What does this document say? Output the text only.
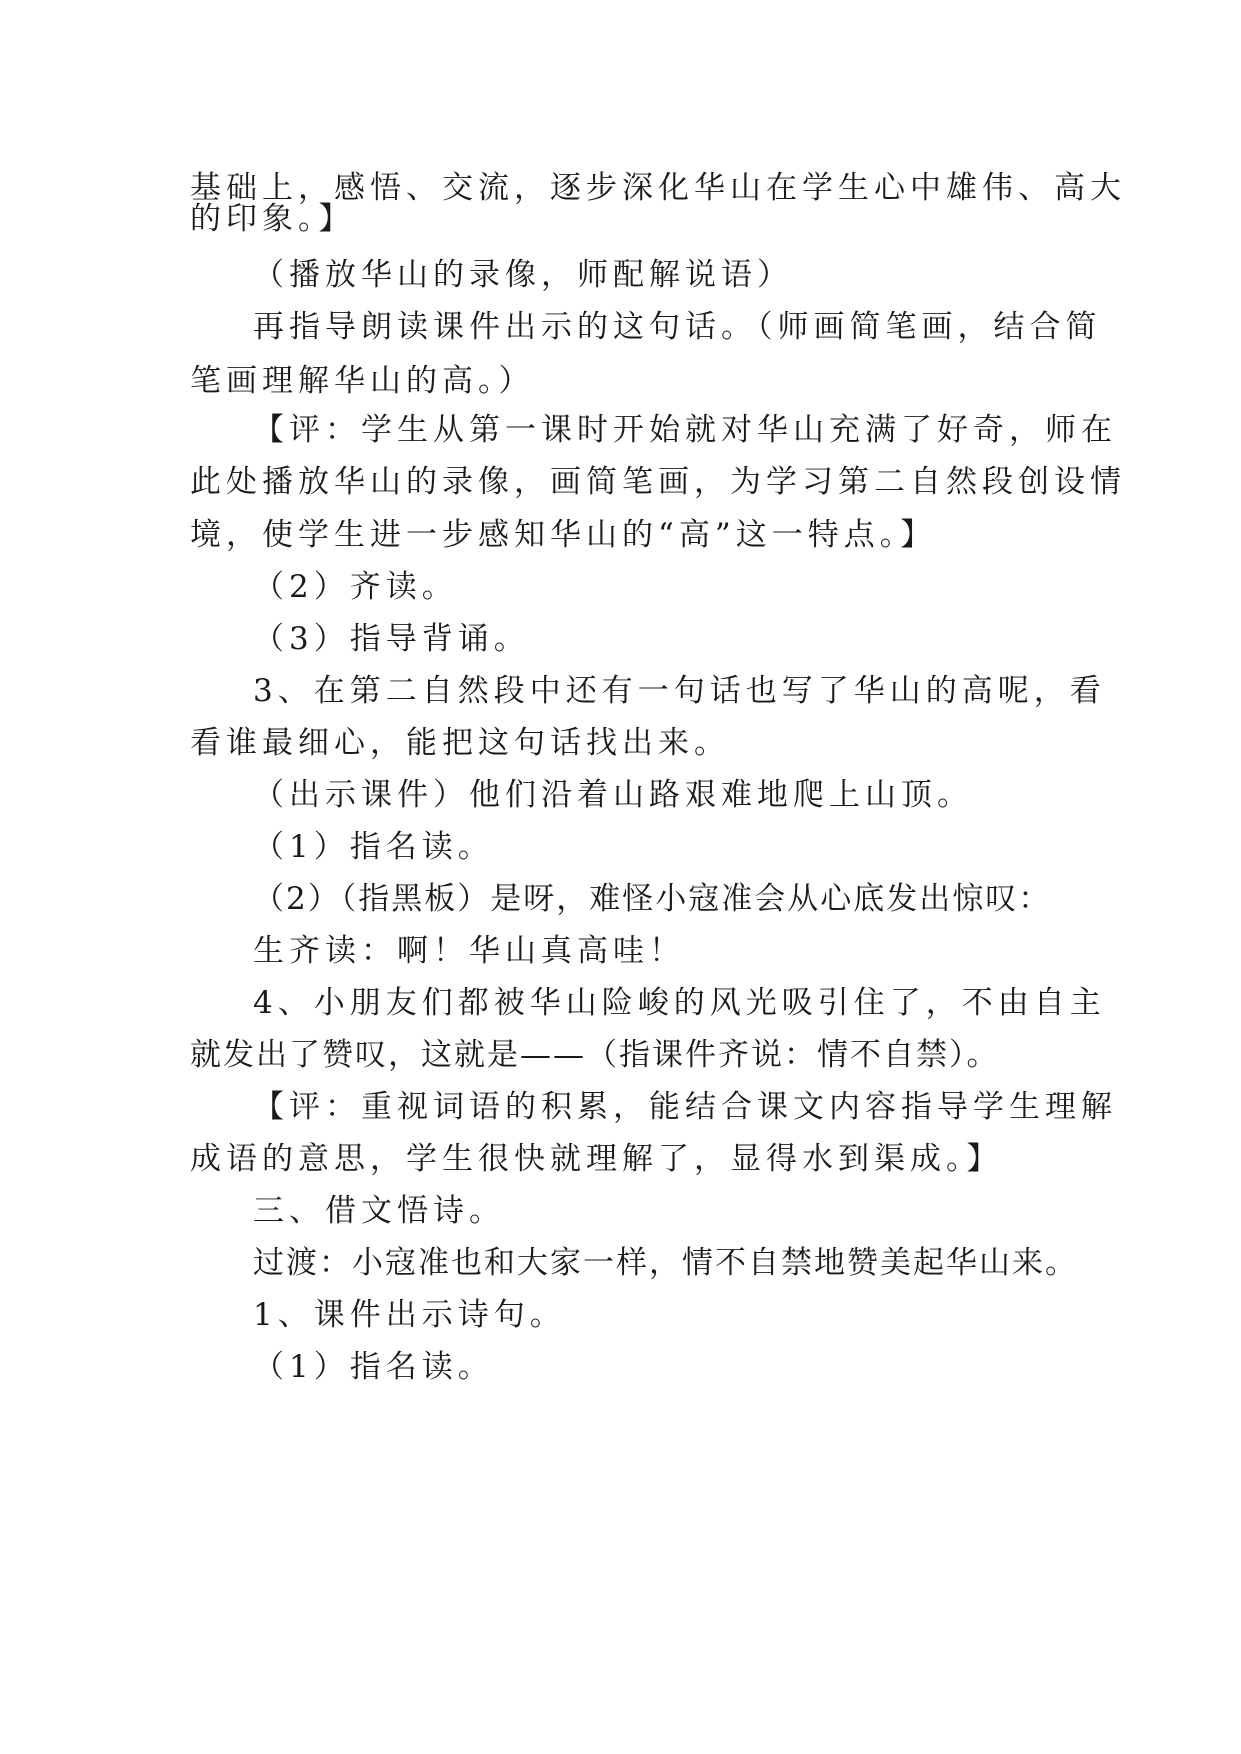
基础上，感悟、交流，逐步深化华山在学生心中雄伟、高大
的印象。】
（播放华山的录像，师配解说语）
再指导朗读课件出示的这句话。（师画简笔画，结合简
笔画理解华山的高。）
【评：学生从第一课时开始就对华山充满了好奇，师在
此处播放华山的录像，画简笔画，为学习第二自然段创设情
境，使学生进一步感知华山的“高”这一特点。】
（2）齐读。
（3）指导背诵。
3、在第二自然段中还有一句话也写了华山的高呢，看
看谁最细心，能把这句话找出来。
（出示课件）他们沿着山路艰难地爬上山顶。
（1）指名读。
（2）（指黑板）是呀，难怪小寇准会从心底发出惊叹：
生齐读：啊！华山真高哇！
4、小朋友们都被华山险峻的风光吸引住了，不由自主
就发出了赞叹，这就是——（指课件齐说：情不自禁）。
【评：重视词语的积累，能结合课文内容指导学生理解
成语的意思，学生很快就理解了，显得水到渠成。】
三、借文悟诗。
过渡：小寇准也和大家一样，情不自禁地赞美起华山来。
1、课件出示诗句。
（1）指名读。
